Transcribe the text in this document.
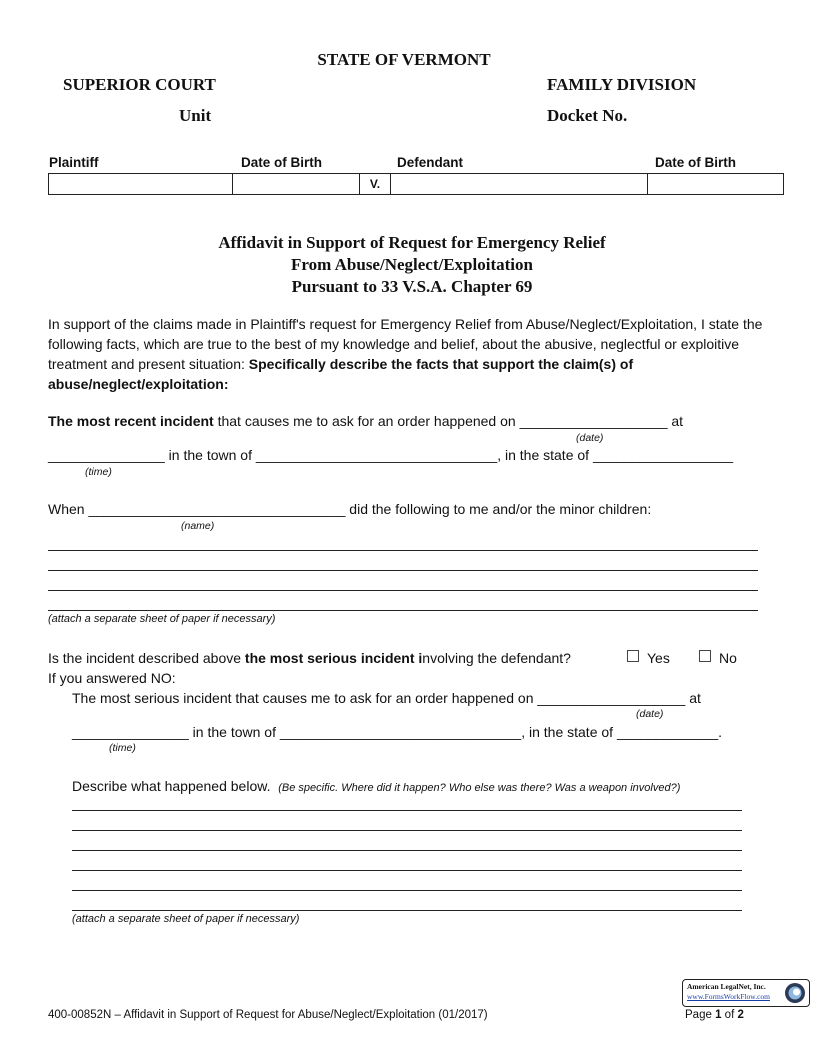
STATE OF VERMONT
SUPERIOR COURT	FAMILY DIVISION
Unit	Docket No.
Plaintiff	Date of Birth	Defendant	Date of Birth
		V.		
Affidavit in Support of Request for Emergency Relief
From Abuse/Neglect/Exploitation
Pursuant to 33 V.S.A. Chapter 69
In support of the claims made in Plaintiff's request for Emergency Relief from Abuse/Neglect/Exploitation, I state the following facts, which are true to the best of my knowledge and belief, about the abusive, neglectful or exploitive treatment and present situation: Specifically describe the facts that support the claim(s) of abuse/neglect/exploitation:
The most recent incident that causes me to ask for an order happened on ___________________ at
(date)
_______________ in the town of _______________________________, in the state of __________________
(time)
When _________________________________ did the following to me and/or the minor children:
(name)
(attach a separate sheet of paper if necessary)
Is the incident described above the most serious incident involving the defendant?	Yes	No
If you answered NO:
The most serious incident that causes me to ask for an order happened on ___________________ at
(date)
_______________ in the town of _______________________________, in the state of _____________.
(time)
Describe what happened below. (Be specific. Where did it happen? Who else was there? Was a weapon involved?)
(attach a separate sheet of paper if necessary)
American LegalNet, Inc.
www.FormsWorkFlow.com
400-00852N – Affidavit in Support of Request for Abuse/Neglect/Exploitation (01/2017)	Page 1 of 2
